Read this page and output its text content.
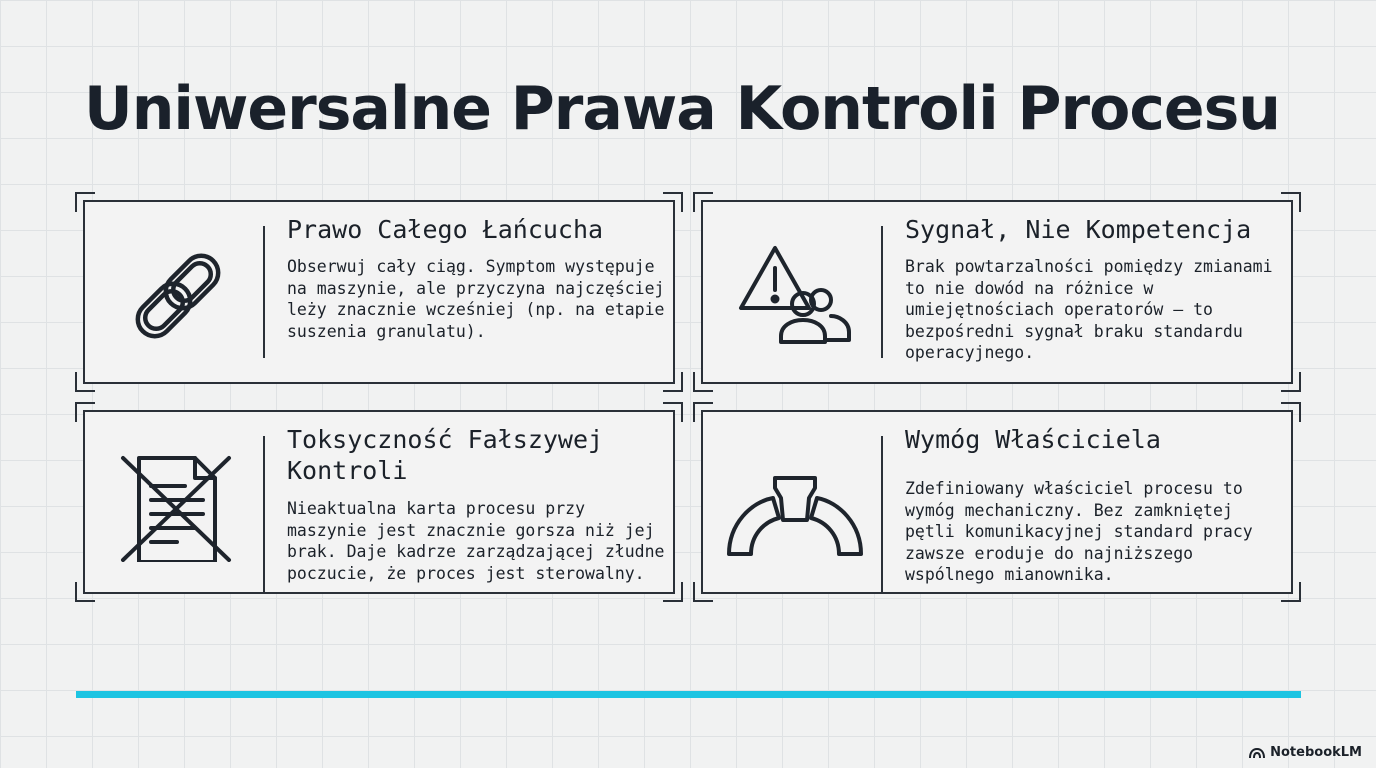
Uniwersalne Prawa Kontroli Procesu
Prawo Całego Łańcucha

Obserwuj cały ciąg. Symptom występuje na maszynie, ale przyczyna najczęściej leży znacznie wcześniej (np. na etapie suszenia granulatu).

Sygnał, Nie Kompetencja

Brak powtarzalności pomiędzy zmianami to nie dowód na różnice w umiejętnościach operatorów – to bezpośredni sygnał braku standardu operacyjnego.

Toksyczność Fałszywej Kontroli

Nieaktualna karta procesu przy maszynie jest znacznie gorsza niż jej brak. Daje kadrze zarządzającej złudne poczucie, że proces jest sterowalny.

Wymóg Właściciela

Zdefiniowany właściciel procesu to wymóg mechaniczny. Bez zamkniętej pętli komunikacyjnej standard pracy zawsze eroduje do najniższego wspólnego mianownika.

NotebookLM
